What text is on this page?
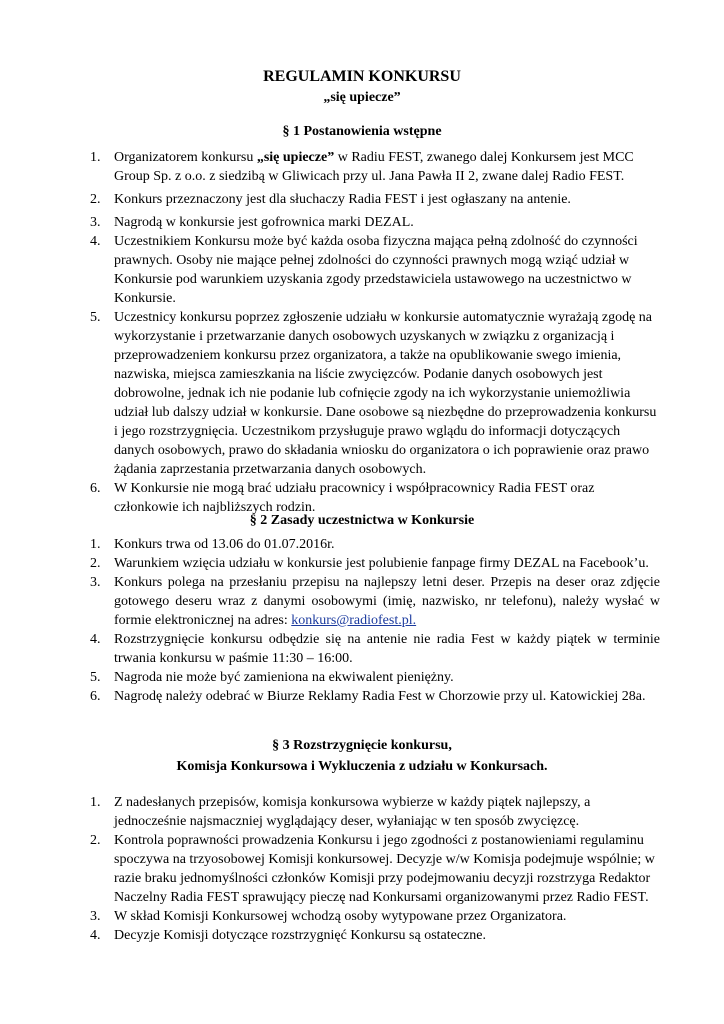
REGULAMIN KONKURSU
„się upiecze”
§ 1 Postanowienia wstępne
1. Organizatorem konkursu „się upiecze” w Radiu FEST, zwanego dalej Konkursem jest MCC Group Sp. z o.o. z siedzibą w Gliwicach przy ul. Jana Pawła II 2, zwane dalej Radio FEST.
2. Konkurs przeznaczony jest dla słuchaczy Radia FEST i jest ogłaszany na antenie.
3. Nagrodą w konkursie jest gofrownica marki DEZAL.
4. Uczestnikiem Konkursu może być każda osoba fizyczna mająca pełną zdolność do czynności prawnych. Osoby nie mające pełnej zdolności do czynności prawnych mogą wziąć udział w Konkursie pod warunkiem uzyskania zgody przedstawiciela ustawowego na uczestnictwo w Konkursie.
5. Uczestnicy konkursu poprzez zgłoszenie udziału w konkursie automatycznie wyrażają zgodę na wykorzystanie i przetwarzanie danych osobowych uzyskanych w związku z organizacją i przeprowadzeniem konkursu przez organizatora, a także na opublikowanie swego imienia, nazwiska, miejsca zamieszkania na liście zwycięzców. Podanie danych osobowych jest dobrowolne, jednak ich nie podanie lub cofnięcie zgody na ich wykorzystanie uniemożliwia udział lub dalszy udział w konkursie. Dane osobowe są niezbędne do przeprowadzenia konkursu i jego rozstrzygnięcia. Uczestnikom przysługuje prawo wglądu do informacji dotyczących danych osobowych, prawo do składania wniosku do organizatora o ich poprawienie oraz prawo żądania zaprzestania przetwarzania danych osobowych.
6. W Konkursie nie mogą brać udziału pracownicy i współpracownicy Radia FEST oraz członkowie ich najbliższych rodzin.
§ 2 Zasady uczestnictwa w Konkursie
1. Konkurs trwa od 13.06 do 01.07.2016r.
2. Warunkiem wzięcia udziału w konkursie jest polubienie fanpage firmy DEZAL na Facebook’u.
3. Konkurs polega na przesłaniu przepisu na najlepszy letni deser. Przepis na deser oraz zdjęcie gotowego deseru wraz z danymi osobowymi (imię, nazwisko, nr telefonu), należy wysłać w formie elektronicznej na adres: konkurs@radiofest.pl.
4. Rozstrzygnięcie konkursu odbędzie się na antenie nie radia Fest w każdy piątek w terminie trwania konkursu w paśmie 11:30 – 16:00.
5. Nagroda nie może być zamieniona na ekwiwalent pieniężny.
6. Nagrodę należy odebrać w Biurze Reklamy Radia Fest w Chorzowie przy ul. Katowickiej 28a.
§ 3 Rozstrzygnięcie konkursu,
Komisja Konkursowa i Wykluczenia z udziału w Konkursach.
1. Z nadesłanych przepisów, komisja konkursowa wybierze w każdy piątek najlepszy, a jednocześnie najsmaczniej wyglądający deser, wyłaniając w ten sposób zwycięzcę.
2. Kontrola poprawności prowadzenia Konkursu i jego zgodności z postanowieniami regulaminu spoczywa na trzyosobowej Komisji konkursowej. Decyzje w/w Komisja podejmuje wspólnie; w razie braku jednomyślności członków Komisji przy podejmowaniu decyzji rozstrzyga Redaktor Naczelny Radia FEST sprawujący pieczę nad Konkursami organizowanymi przez Radio FEST.
3. W skład Komisji Konkursowej wchodzą osoby wytypowane przez Organizatora.
4. Decyzje Komisji dotyczące rozstrzygnięć Konkursu są ostateczne.
